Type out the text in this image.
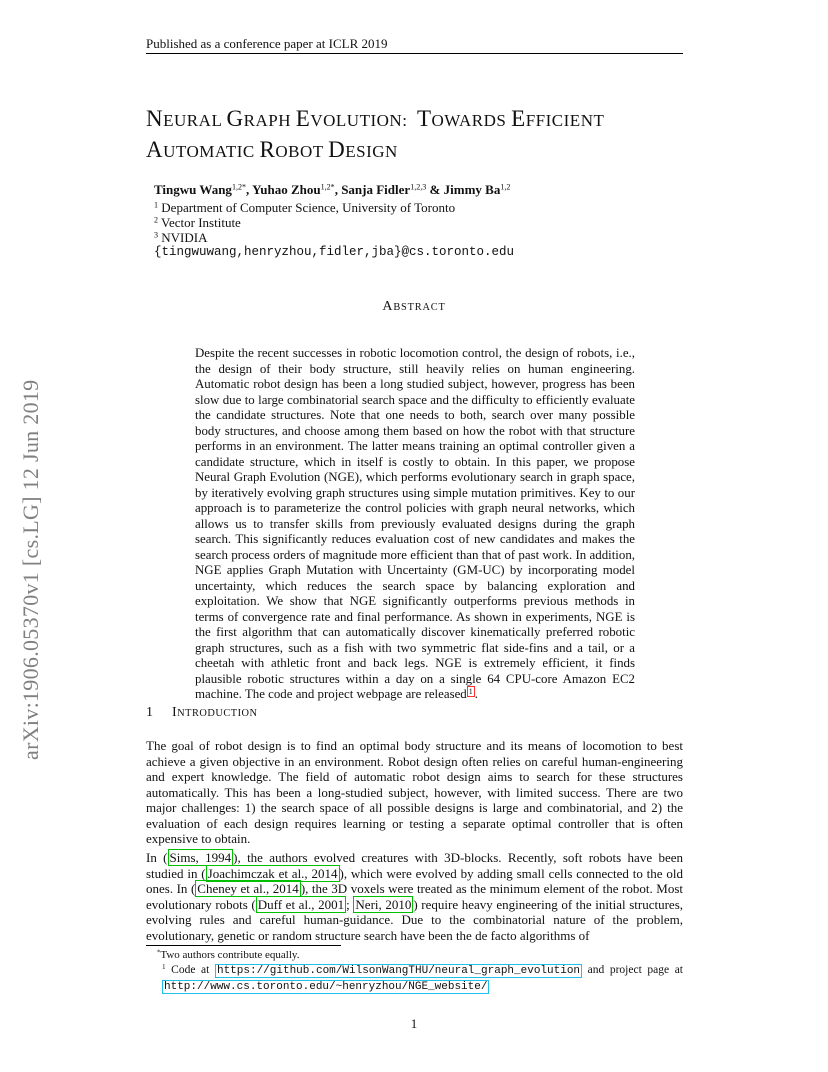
Published as a conference paper at ICLR 2019
arXiv:1906.05370v1 [cs.LG] 12 Jun 2019
NEURAL GRAPH EVOLUTION:  TOWARDS EFFICIENT
AUTOMATIC ROBOT DESIGN
Tingwu Wang$^{1,2*}$, Yuhao Zhou$^{1,2*}$, Sanja Fidler$^{1,2,3}$ & Jimmy Ba$^{1,2}$
$^1$ Department of Computer Science, University of Toronto
$^2$ Vector Institute
$^3$ NVIDIA
{tingwuwang,henryzhou,fidler,jba}@cs.toronto.edu
ABSTRACT
Despite the recent successes in robotic locomotion control, the design of robots, i.e., the design of their body structure, still heavily relies on human engineering. Automatic robot design has been a long studied subject, however, progress has been slow due to large combinatorial search space and the difficulty to efficiently evaluate the candidate structures. Note that one needs to both, search over many possible body structures, and choose among them based on how the robot with that structure performs in an environment. The latter means training an optimal controller given a candidate structure, which in itself is costly to obtain. In this paper, we propose Neural Graph Evolution (NGE), which performs evolutionary search in graph space, by iteratively evolving graph structures using simple mutation primitives. Key to our approach is to parameterize the control policies with graph neural networks, which allows us to transfer skills from previously evaluated designs during the graph search. This significantly reduces evaluation cost of new candidates and makes the search process orders of magnitude more efficient than that of past work. In addition, NGE applies Graph Mutation with Uncertainty (GM-UC) by incorporating model uncertainty, which reduces the search space by balancing exploration and exploitation. We show that NGE significantly outperforms previous methods in terms of convergence rate and final performance. As shown in experiments, NGE is the first algorithm that can automatically discover kinematically preferred robotic graph structures, such as a fish with two symmetric flat side-fins and a tail, or a cheetah with athletic front and back legs. NGE is extremely efficient, it finds plausible robotic structures within a day on a single 64 CPU-core Amazon EC2 machine. The code and project webpage are released $^1$ .
1 INTRODUCTION
The goal of robot design is to find an optimal body structure and its means of locomotion to best achieve a given objective in an environment. Robot design often relies on careful human-engineering and expert knowledge. The field of automatic robot design aims to search for these structures automatically. This has been a long-studied subject, however, with limited success. There are two major challenges: 1) the search space of all possible designs is large and combinatorial, and 2) the evaluation of each design requires learning or testing a separate optimal controller that is often expensive to obtain.
In ( Sims, 1994 ), the authors evolved creatures with 3D-blocks. Recently, soft robots have been studied in ( Joachimczak et al., 2014 ), which were evolved by adding small cells connected to the old ones. In ( Cheney et al., 2014 ), the 3D voxels were treated as the minimum element of the robot. Most evolutionary robots ( Duff et al., 2001 ; Neri, 2010 ) require heavy engineering of the initial structures, evolving rules and careful human-guidance. Due to the combinatorial nature of the problem, evolutionary, genetic or random structure search have been the de facto algorithms of
*Two authors contribute equally.
$^1$ Code at https://github.com/WilsonWangTHU/neural_graph_evolution and project page at http://www.cs.toronto.edu/~henryzhou/NGE_website/
1
